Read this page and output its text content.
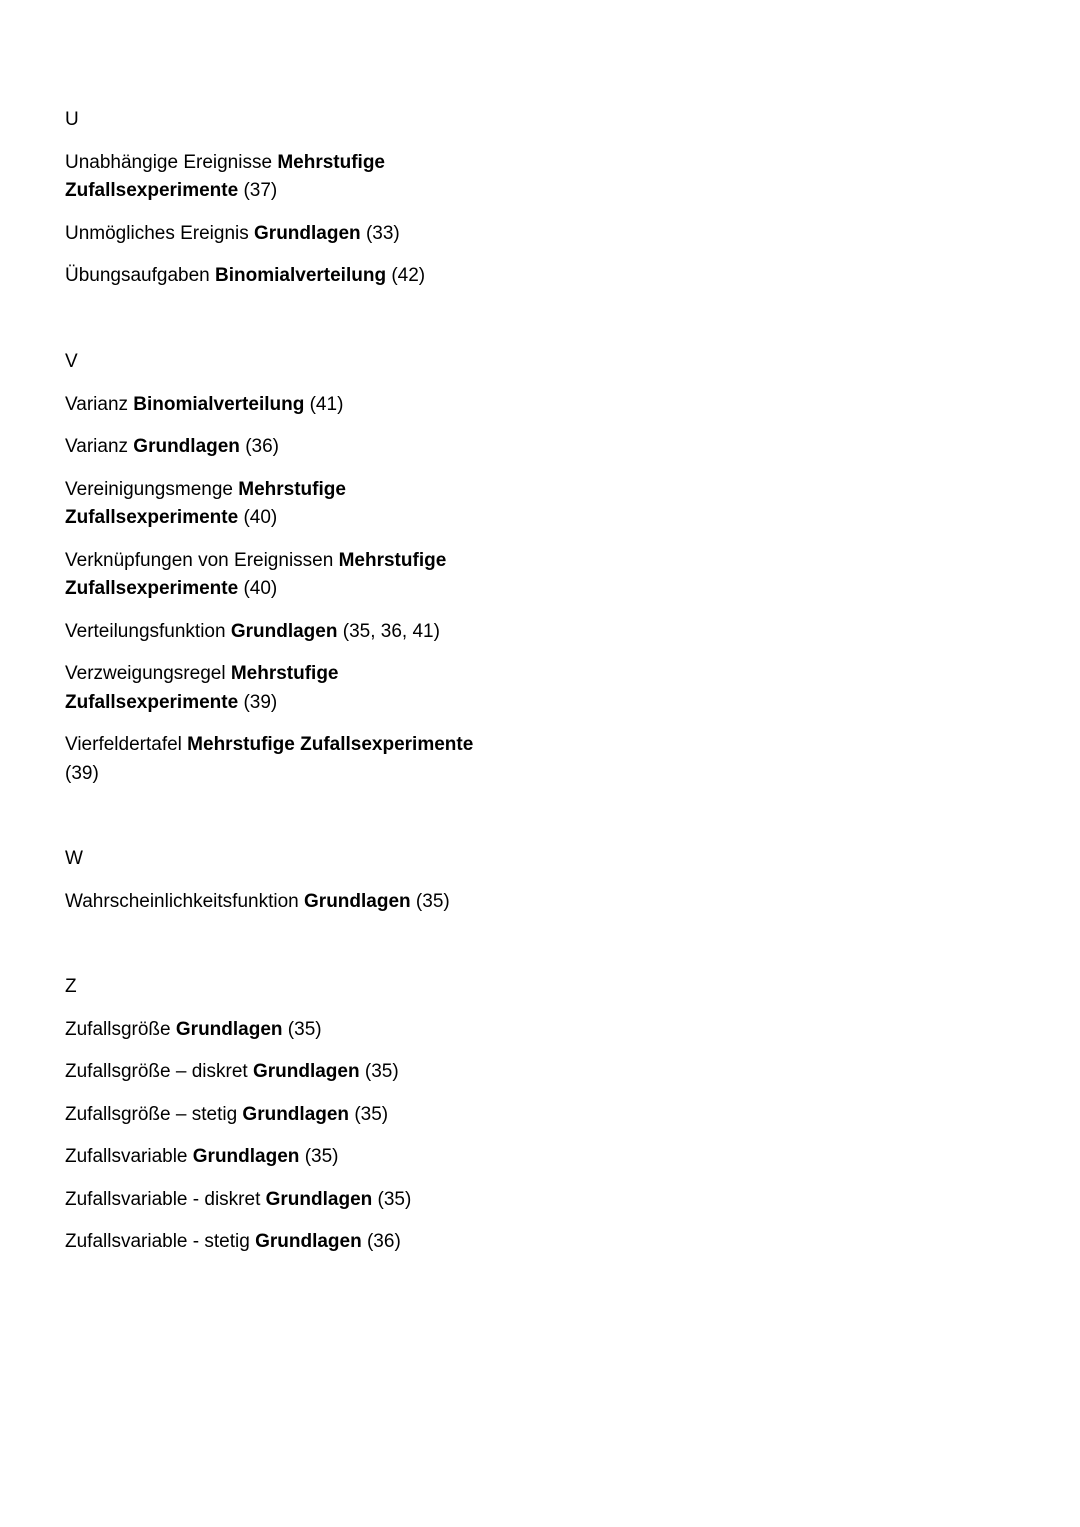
U
Unabhängige Ereignisse Mehrstufige Zufallsexperimente (37)
Unmögliches Ereignis Grundlagen (33)
Übungsaufgaben Binomialverteilung (42)
V
Varianz Binomialverteilung (41)
Varianz Grundlagen (36)
Vereinigungsmenge Mehrstufige Zufallsexperimente (40)
Verknüpfungen von Ereignissen Mehrstufige Zufallsexperimente (40)
Verteilungsfunktion Grundlagen (35, 36, 41)
Verzweigungsregel Mehrstufige Zufallsexperimente (39)
Vierfeldertafel Mehrstufige Zufallsexperimente (39)
W
Wahrscheinlichkeitsfunktion Grundlagen (35)
Z
Zufallsgröße Grundlagen (35)
Zufallsgröße – diskret Grundlagen (35)
Zufallsgröße – stetig Grundlagen (35)
Zufallsvariable Grundlagen (35)
Zufallsvariable - diskret Grundlagen (35)
Zufallsvariable - stetig Grundlagen (36)
